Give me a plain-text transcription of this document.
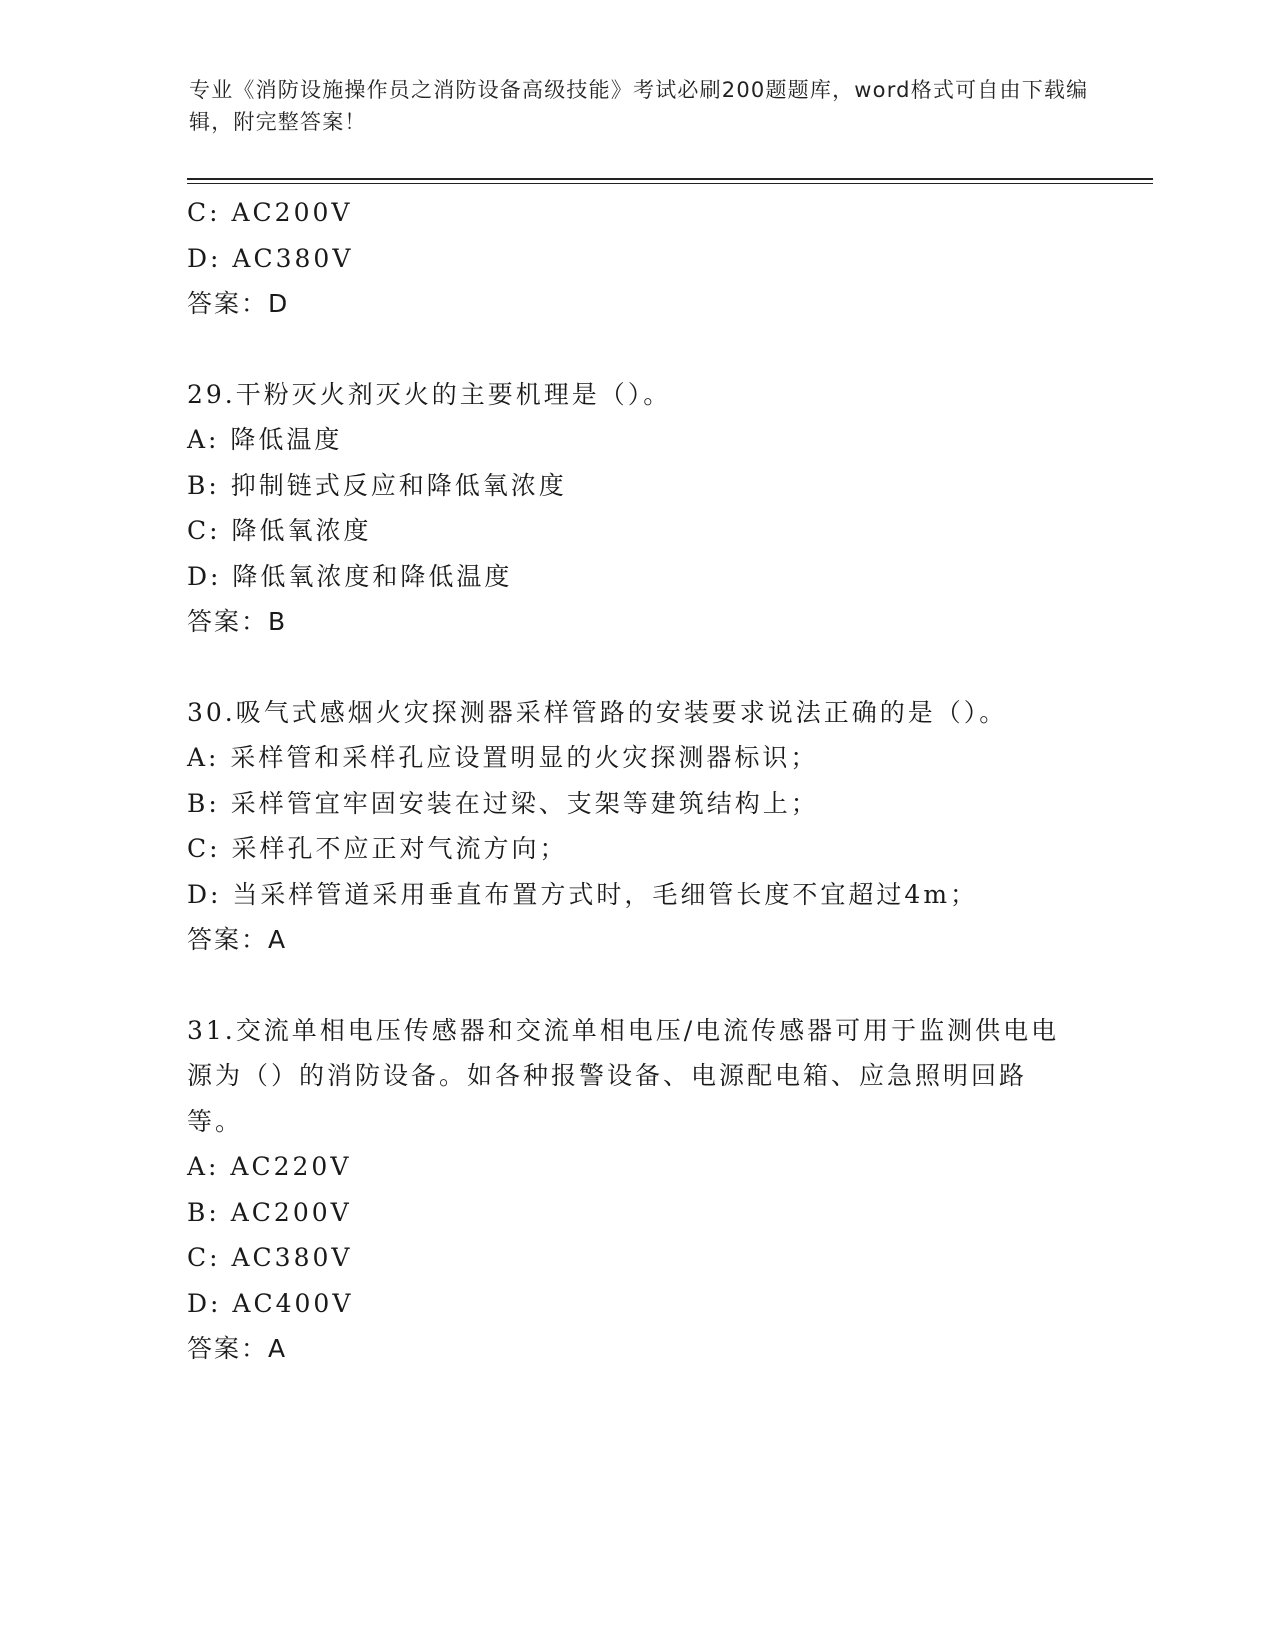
专业《消防设施操作员之消防设备高级技能》考试必刷200题题库，word格式可自由下载编辑，附完整答案！
C: AC200V
D: AC380V
答案：D
29.干粉灭火剂灭火的主要机理是（）。
A: 降低温度
B: 抑制链式反应和降低氧浓度
C: 降低氧浓度
D: 降低氧浓度和降低温度
答案：B
30.吸气式感烟火灾探测器采样管路的安装要求说法正确的是（）。
A: 采样管和采样孔应设置明显的火灾探测器标识；
B: 采样管宜牢固安装在过梁、支架等建筑结构上；
C: 采样孔不应正对气流方向；
D: 当采样管道采用垂直布置方式时，毛细管长度不宜超过4m；
答案：A
31.交流单相电压传感器和交流单相电压/电流传感器可用于监测供电电源为（）的消防设备。如各种报警设备、电源配电箱、应急照明回路等。
A: AC220V
B: AC200V
C: AC380V
D: AC400V
答案：A
